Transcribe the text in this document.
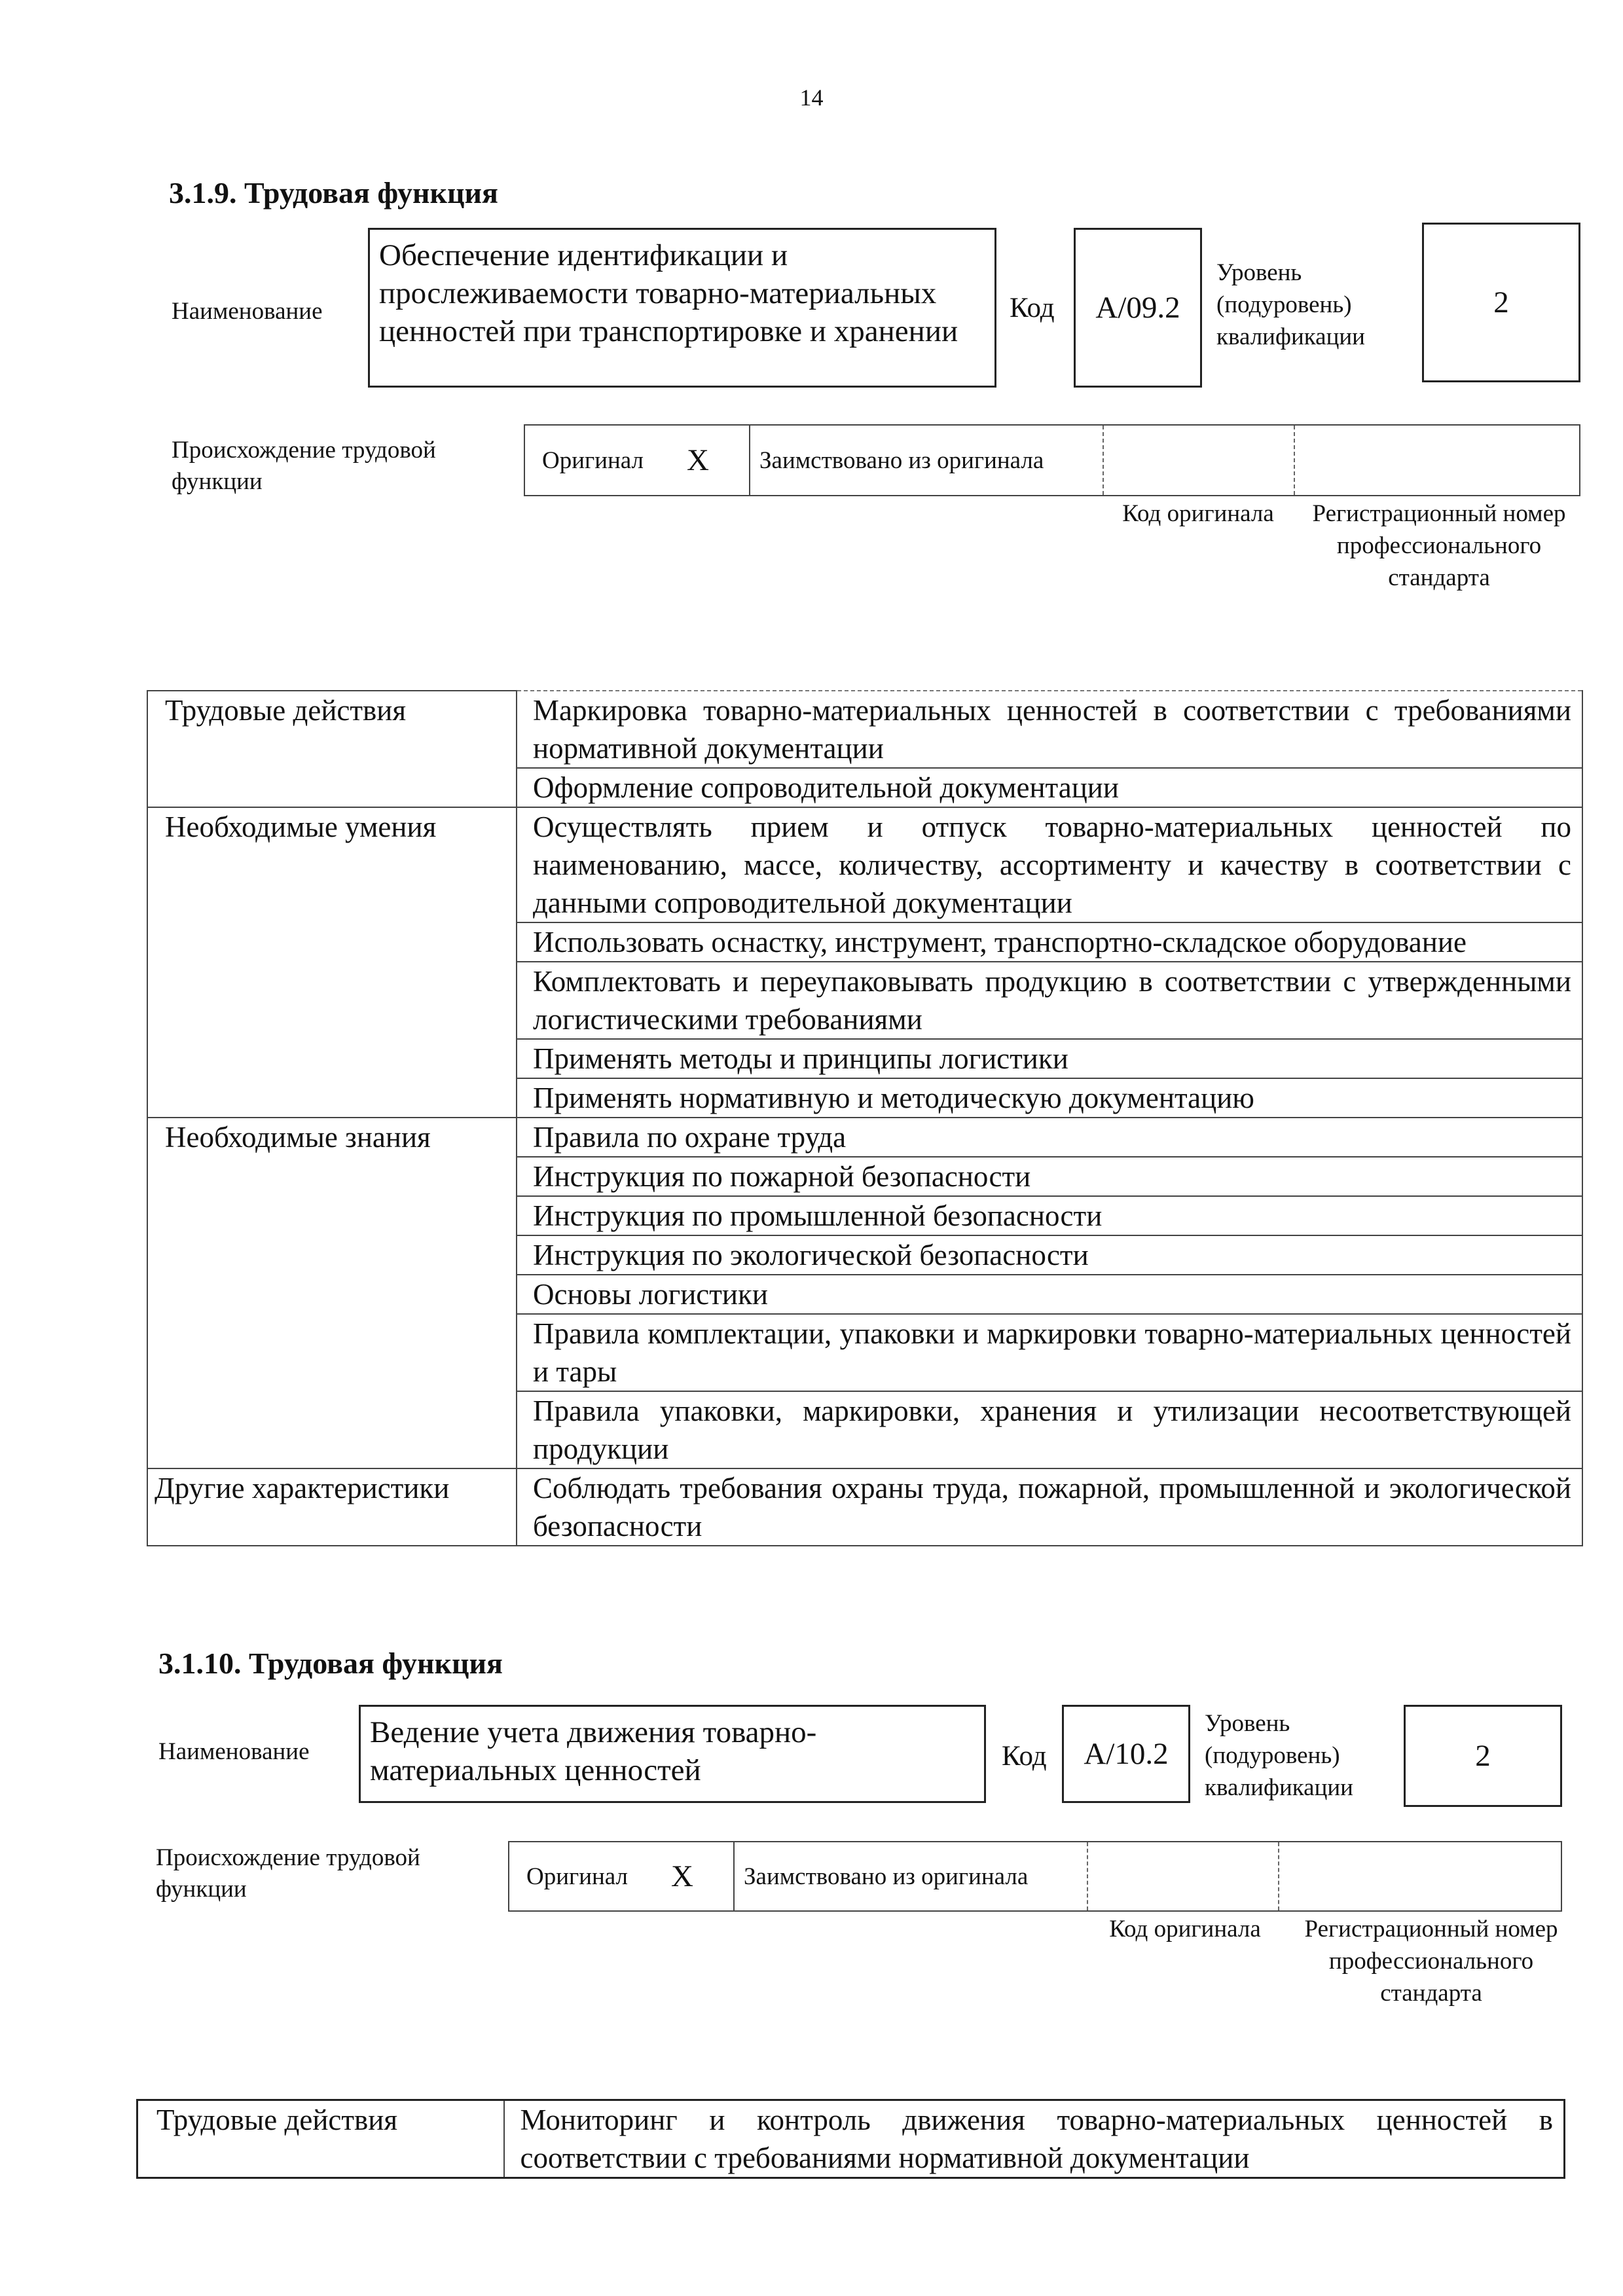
14
3.1.9. Трудовая функция
Наименование
Обеспечение идентификации и прослеживаемости товарно-материальных ценностей при транспортировке и хранении
Код	А/09.2
Уровень (подуровень) квалификации
2
Происхождение трудовой функции
Оригинал X Заимствовано из оригинала
Код оригинала	Регистрационный номер профессионального стандарта
Трудовые действия	Маркировка товарно-материальных ценностей в соответствии с требованиями нормативной документации
	Оформление сопроводительной документации
Необходимые умения	Осуществлять прием и отпуск товарно-материальных ценностей по наименованию, массе, количеству, ассортименту и качеству в соответствии с данными сопроводительной документации
	Использовать оснастку, инструмент, транспортно-складское оборудование
	Комплектовать и переупаковывать продукцию в соответствии с утвержденными логистическими требованиями
	Применять методы и принципы логистики
	Применять нормативную и методическую документацию
Необходимые знания	Правила по охране труда
	Инструкция по пожарной безопасности
	Инструкция по промышленной безопасности
	Инструкция по экологической безопасности
	Основы логистики
	Правила комплектации, упаковки и маркировки товарно-материальных ценностей и тары
	Правила упаковки, маркировки, хранения и утилизации несоответствующей продукции
Другие характеристики	Соблюдать требования охраны труда, пожарной, промышленной и экологической безопасности
3.1.10. Трудовая функция
Наименование
Ведение учета движения товарно-материальных ценностей	Код	А/10.2
Уровень (подуровень) квалификации
2
Происхождение трудовой функции	Оригинал X Заимствовано из оригинала
Код оригинала	Регистрационный номер профессионального стандарта
Трудовые действия	Мониторинг и контроль движения товарно-материальных ценностей в соответствии с требованиями нормативной документации
